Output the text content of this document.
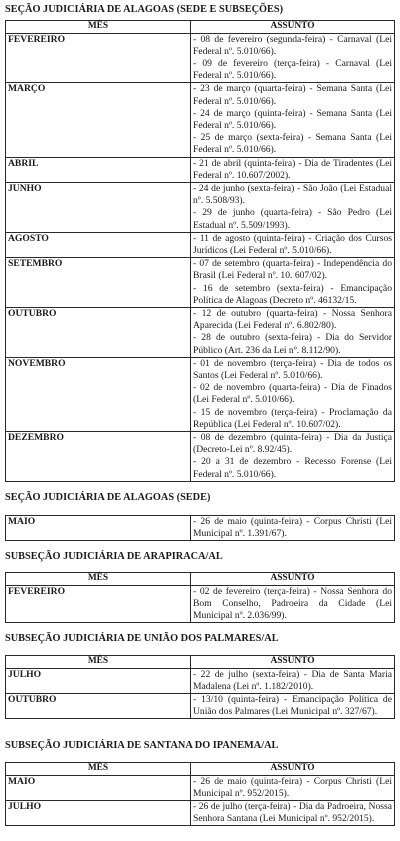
SEÇÃO JUDICIÁRIA DE ALAGOAS (SEDE E SUBSEÇÕES)
MÊS	ASSUNTO
FEVEREIRO	- 08 de fevereiro (segunda-feira) - Carnaval (Lei Federal nº. 5.010/66).
- 09 de fevereiro (terça-feira) - Carnaval (Lei Federal nº. 5.010/66).

MARÇO	- 23 de março (quarta-feira) - Semana Santa (Lei Federal nº. 5.010/66).
- 24 de março (quinta-feira) - Semana Santa (Lei Federal nº. 5.010/66).
- 25 de março (sexta-feira) - Semana Santa (Lei Federal nº. 5.010/66).

ABRIL	- 21 de abril (quinta-feira) - Dia de Tiradentes (Lei Federal nº. 10.607/2002).

JUNHO	- 24 de junho (sexta-feira) - São João (Lei Estadual nº. 5.508/93).
- 29 de junho (quarta-feira) - São Pedro (Lei Estadual nº. 5.509/1993).

AGOSTO	- 11 de agosto (quinta-feira) - Criação dos Cursos Jurídicos (Lei Federal nº. 5.010/66).

SETEMBRO	- 07 de setembro (quarta-feira) - Independência do Brasil (Lei Federal nº. 10. 607/02).
- 16 de setembro (sexta-feira) - Emancipação Política de Alagoas (Decreto nº. 46132/15.

OUTUBRO	- 12 de outubro (quarta-feira) - Nossa Senhora Aparecida (Lei Federal nº. 6.802/80).
- 28 de outubro (sexta-feira) - Dia do Servidor Público (Art. 236 da Lei nº. 8.112/90).

NOVEMBRO	- 01 de novembro (terça-feira) - Dia de todos os Santos (Lei Federal nº. 5.010/66).
- 02 de novembro (quarta-feira) - Dia de Finados (Lei Federal nº. 5.010/66).
- 15 de novembro (terça-feira) - Proclamação da República (Lei Federal nº. 10.607/02).

DEZEMBRO	- 08 de dezembro (quinta-feira) - Dia da Justiça (Decreto-Lei nº. 8.92/45).
- 20 a 31 de dezembro - Recesso Forense (Lei Federal nº. 5.010/66).
SEÇÃO JUDICIÁRIA DE ALAGOAS (SEDE)
MAIO	- 26 de maio (quinta-feira) - Corpus Christi (Lei Municipal nº. 1.391/67).
SUBSEÇÃO JUDICIÁRIA DE ARAPIRACA/AL
MÊS	ASSUNTO
FEVEREIRO	- 02 de fevereiro (terça-feira) - Nossa Senhora do Bom Conselho, Padroeira da Cidade (Lei Municipal nº. 2.036/99).
SUBSEÇÃO JUDICIÁRIA DE UNIÃO DOS PALMARES/AL
MÊS	ASSUNTO
JULHO	- 22 de julho (sexta-feira) - Dia de Santa Maria Madalena (Lei nº. 1.182/2010).

OUTUBRO	- 13/10 (quinta-feira) - Emancipação Política de União dos Palmares (Lei Municipal nº. 327/67).
SUBSEÇÃO JUDICIÁRIA DE SANTANA DO IPANEMA/AL
MÊS	ASSUNTO
MAIO	- 26 de maio (quinta-feira) - Corpus Christi (Lei Municipal nº. 952/2015).

JULHO	- 26 de julho (terça-feira) - Dia da Padroeira, Nossa Senhora Santana (Lei Municipal nº. 952/2015).
